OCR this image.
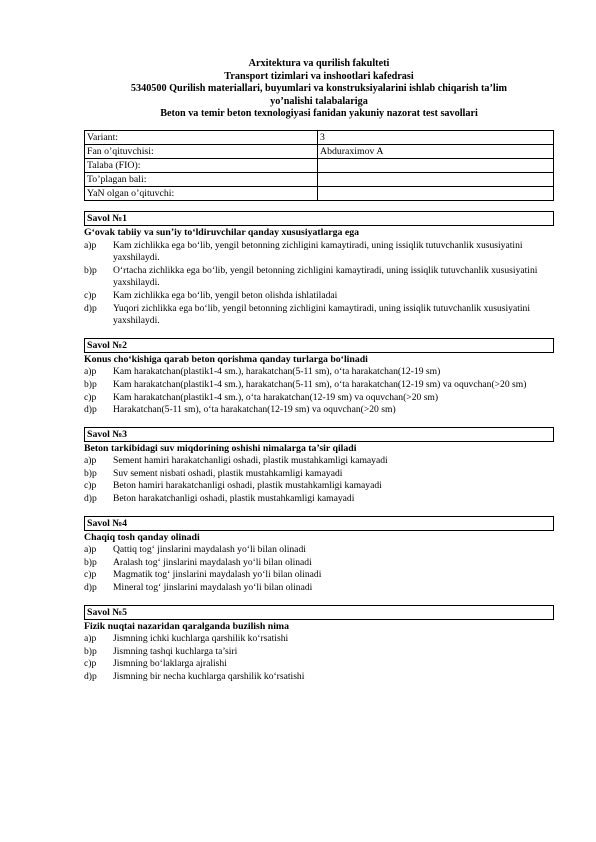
Arxitektura va qurilish fakulteti
Transport tizimlari va inshootlari kafedrasi
5340500 Qurilish materiallari, buyumlari va konstruksiyalarini ishlab chiqarish ta’lim
yo’nalishi talabalariga
Beton va temir beton texnologiyasi fanidan yakuniy nazorat test savollari
Variant:	3
Fan o’qituvchisi:	Abduraximov A
Talaba (FIO):	
To’plagan bali:	
YaN olgan o’qituvchi:	
Savol №1
G‘ovak tabiiy va sun’iy to‘ldiruvchilar qanday xususiyatlarga ega
a)p	Kam zichlikka ega bo‘lib, yengil betonning zichligini kamaytiradi, uning issiqlik tutuvchanlik xususiyatini yaxshilaydi.
b)p	O‘rtacha zichlikka ega bo‘lib, yengil betonning zichligini kamaytiradi, uning issiqlik tutuvchanlik xususiyatini yaxshilaydi.
c)p	Kam zichlikka ega bo‘lib, yengil beton olishda ishlatiladai
d)p	Yuqori zichlikka ega bo‘lib, yengil betonning zichligini kamaytiradi, uning issiqlik tutuvchanlik xususiyatini yaxshilaydi.
Savol №2
Konus cho‘kishiga qarab beton qorishma qanday turlarga bo‘linadi
a)p	Kam harakatchan(plastik1-4 sm.), harakatchan(5-11 sm), o‘ta harakatchan(12-19 sm)
b)p	Kam harakatchan(plastik1-4 sm.), harakatchan(5-11 sm), o‘ta harakatchan(12-19 sm) va oquvchan(>20 sm)
c)p	Kam harakatchan(plastik1-4 sm.), o‘ta harakatchan(12-19 sm) va oquvchan(>20 sm)
d)p	Harakatchan(5-11 sm), o‘ta harakatchan(12-19 sm) va oquvchan(>20 sm)
Savol №3
Beton tarkibidagi suv miqdorining oshishi nimalarga ta’sir qiladi
a)p	Sement hamiri harakatchanligi oshadi, plastik mustahkamligi kamayadi
b)p	Suv sement nisbati oshadi, plastik mustahkamligi kamayadi
c)p	Beton hamiri harakatchanligi oshadi, plastik mustahkamligi kamayadi
d)p	Beton harakatchanligi oshadi, plastik mustahkamligi kamayadi
Savol №4
Chaqiq tosh qanday olinadi
a)p	Qattiq tog‘ jinslarini maydalash yo‘li bilan olinadi
b)p	Aralash tog‘ jinslarini maydalash yo‘li bilan olinadi
c)p	Magmatik tog‘ jinslarini maydalash yo‘li bilan olinadi
d)p	Mineral tog‘ jinslarini maydalash yo‘li bilan olinadi
Savol №5
Fizik nuqtai nazaridan qaralganda buzilish nima
a)p	Jismning ichki kuchlarga qarshilik ko‘rsatishi
b)p	Jismning tashqi kuchlarga ta’siri
c)p	Jismning bo‘laklarga ajralishi
d)p	Jismning bir necha kuchlarga qarshilik ko‘rsatishi
